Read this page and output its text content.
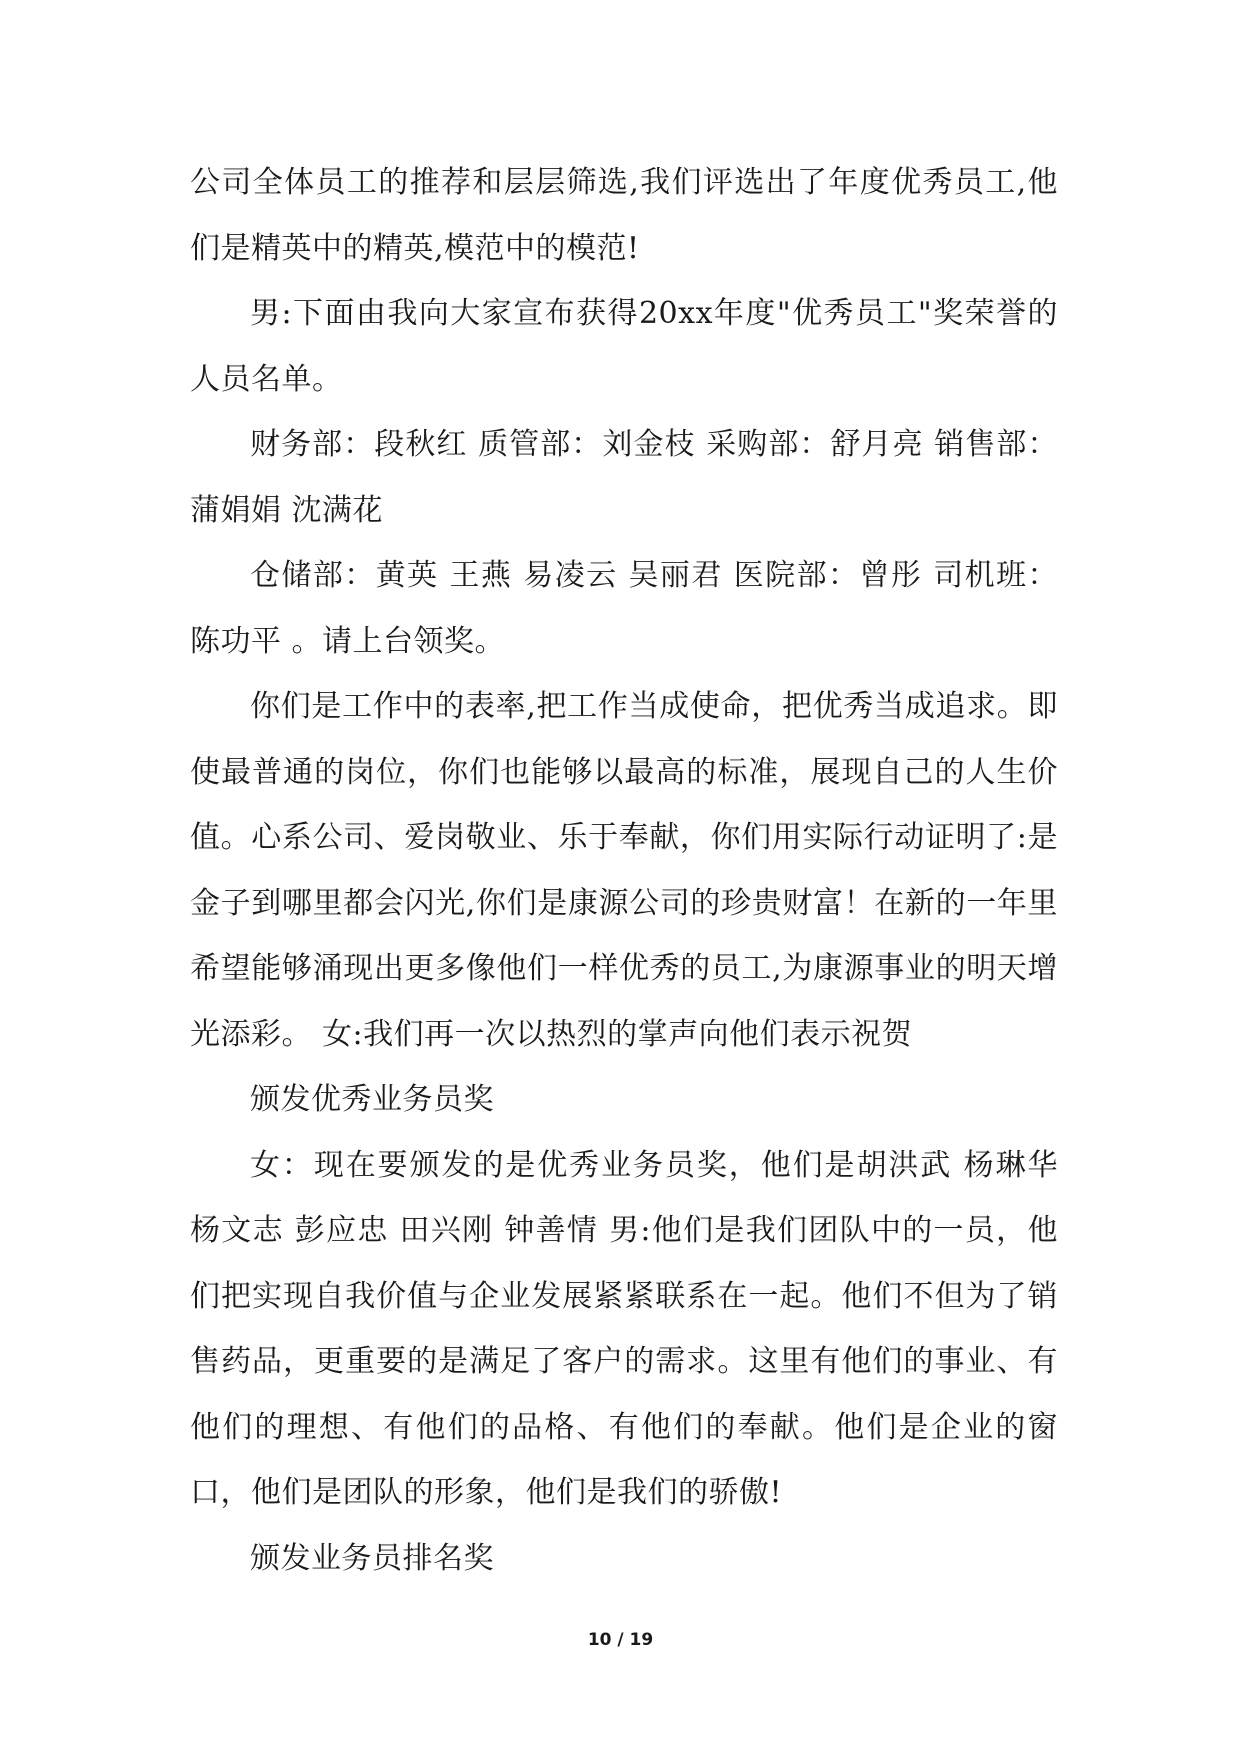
公司全体员工的推荐和层层筛选,我们评选出了年度优秀员工,他们是精英中的精英,模范中的模范!

男:下面由我向大家宣布获得20xx年度"优秀员工"奖荣誉的人员名单。

财务部：段秋红 质管部：刘金枝 采购部：舒月亮 销售部：蒲娟娟 沈满花

仓储部：黄英 王燕 易凌云 吴丽君 医院部：曾彤 司机班：陈功平 。请上台领奖。

你们是工作中的表率,把工作当成使命，把优秀当成追求。即使最普通的岗位，你们也能够以最高的标准，展现自己的人生价值。心系公司、爱岗敬业、乐于奉献，你们用实际行动证明了:是金子到哪里都会闪光,你们是康源公司的珍贵财富！在新的一年里希望能够涌现出更多像他们一样优秀的员工,为康源事业的明天增光添彩。 女:我们再一次以热烈的掌声向他们表示祝贺

颁发优秀业务员奖

女：现在要颁发的是优秀业务员奖，他们是胡洪武 杨琳华 杨文志 彭应忠 田兴刚 钟善情 男:他们是我们团队中的一员，他们把实现自我价值与企业发展紧紧联系在一起。他们不但为了销售药品，更重要的是满足了客户的需求。这里有他们的事业、有他们的理想、有他们的品格、有他们的奉献。他们是企业的窗口，他们是团队的形象，他们是我们的骄傲!

颁发业务员排名奖

10 / 19
